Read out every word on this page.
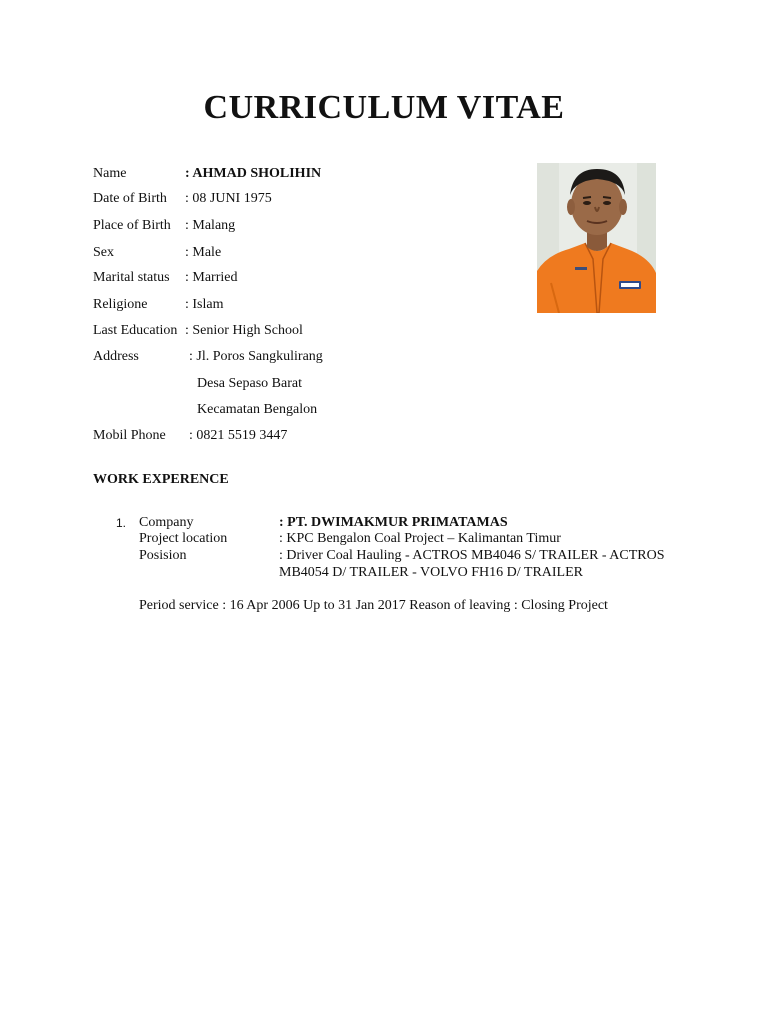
CURRICULUM VITAE
Name	: AHMAD SHOLIHIN
Date of Birth : 08 JUNI 1975
Place of Birth : Malang
Sex	: Male
Marital status : Married
Religione	: Islam
Last Education : Senior High School
Address	: Jl. Poros Sangkulirang
Desa Sepaso Barat
Kecamatan Bengalon
Mobil Phone : 0821 5519 3447
WORK EXPERENCE
1. Company	: PT. DWIMAKMUR PRIMATAMAS
Project location	: KPC Bengalon Coal Project – Kalimantan Timur
Posision	: Driver Coal Hauling - ACTROS MB4046 S/ TRAILER - ACTROS
MB4054 D/ TRAILER - VOLVO FH16 D/ TRAILER
Period service : 16 Apr 2006 Up to 31 Jan 2017 Reason of leaving : Closing Project
